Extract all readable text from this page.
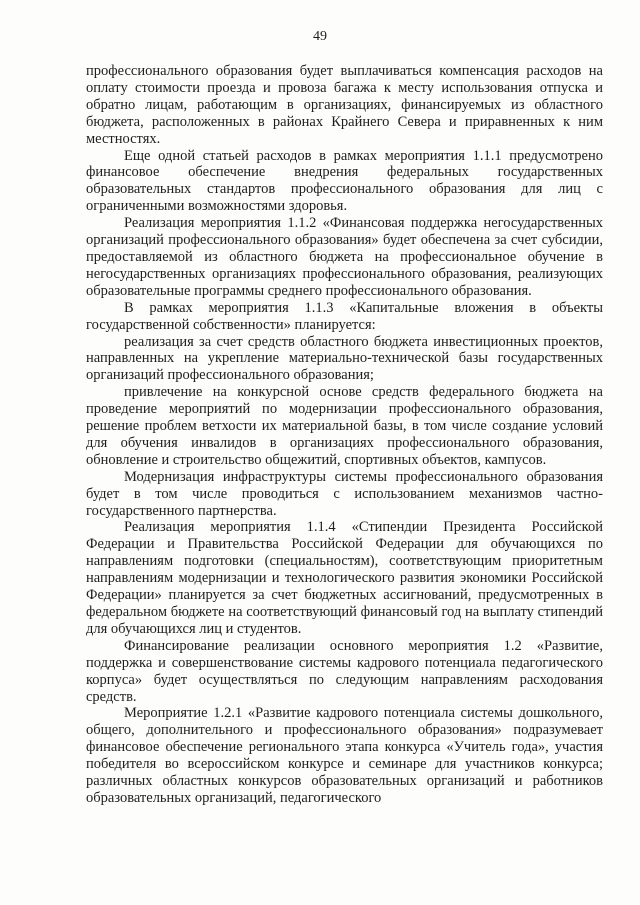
49

профессионального образования будет выплачиваться компенсация расходов на оплату стоимости проезда и провоза багажа к месту использования отпуска и обратно лицам, работающим в организациях, финансируемых из областного бюджета, расположенных в районах Крайнего Севера и приравненных к ним местностях.

Еще одной статьей расходов в рамках мероприятия 1.1.1 предусмотрено финансовое обеспечение внедрения федеральных государственных образовательных стандартов профессионального образования для лиц с ограниченными возможностями здоровья.

Реализация мероприятия 1.1.2 «Финансовая поддержка негосударственных организаций профессионального образования» будет обеспечена за счет субсидии, предоставляемой из областного бюджета на профессиональное обучение в негосударственных организациях профессионального образования, реализующих образовательные программы среднего профессионального образования.

В рамках мероприятия 1.1.3 «Капитальные вложения в объекты государственной собственности» планируется:

реализация за счет средств областного бюджета инвестиционных проектов, направленных на укрепление материально-технической базы государственных организаций профессионального образования;

привлечение на конкурсной основе средств федерального бюджета на проведение мероприятий по модернизации профессионального образования, решение проблем ветхости их материальной базы, в том числе создание условий для обучения инвалидов в организациях профессионального образования, обновление и строительство общежитий, спортивных объектов, кампусов.

Модернизация инфраструктуры системы профессионального образования будет в том числе проводиться с использованием механизмов частно-государственного партнерства.

Реализация мероприятия 1.1.4 «Стипендии Президента Российской Федерации и Правительства Российской Федерации для обучающихся по направлениям подготовки (специальностям), соответствующим приоритетным направлениям модернизации и технологического развития экономики Российской Федерации» планируется за счет бюджетных ассигнований, предусмотренных в федеральном бюджете на соответствующий финансовый год на выплату стипендий для обучающихся лиц и студентов.

Финансирование реализации основного мероприятия 1.2 «Развитие, поддержка и совершенствование системы кадрового потенциала педагогического корпуса» будет осуществляться по следующим направлениям расходования средств.

Мероприятие 1.2.1 «Развитие кадрового потенциала системы дошкольного, общего, дополнительного и профессионального образования» подразумевает финансовое обеспечение регионального этапа конкурса «Учитель года», участия победителя во всероссийском конкурсе и семинаре для участников конкурса; различных областных конкурсов образовательных организаций и работников образовательных организаций, педагогического
